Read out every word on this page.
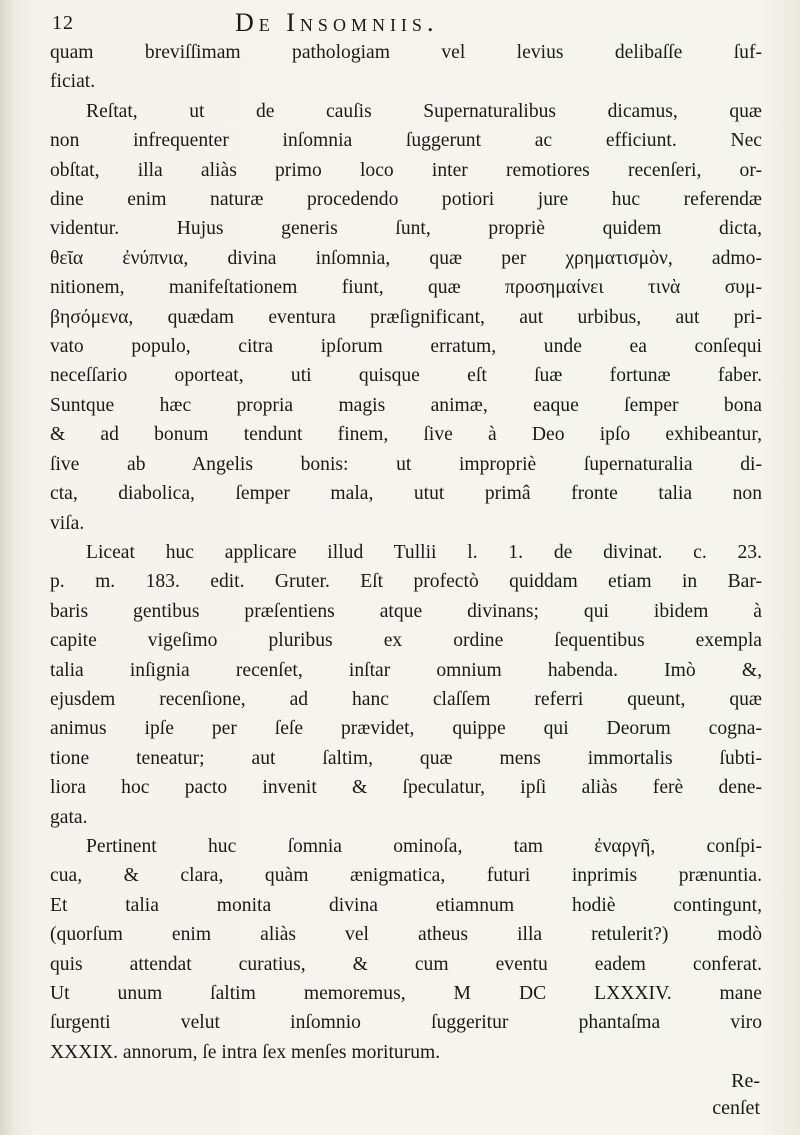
12	De Insomniis.
quam breviſſimam pathologiam vel levius delibaſſe ſuf-
ficiat.
Reſtat, ut de cauſis Supernaturalibus dicamus, quæ
non infrequenter inſomnia ſuggerunt ac efficiunt. Nec
obſtat, illa aliàs primo loco inter remotiores recenſeri, or-
dine enim naturæ procedendo potiori jure huc referendæ
videntur. Hujus generis ſunt, propriè quidem dicta,
θεῖα ἐνύπνια, divina inſomnia, quæ per χρηματισμὸν, admo-
nitionem, manifeſtationem fiunt, quæ προσημαίνει τινὰ συμ-
βησόμενα, quædam eventura præſignificant, aut urbibus, aut pri-
vato populo, citra ipſorum erratum, unde ea conſequi
neceſſario oporteat, uti quisque eſt ſuæ fortunæ faber.
Suntque hæc propria magis animæ, eaque ſemper bona
& ad bonum tendunt finem, ſive à Deo ipſo exhibeantur,
ſive ab Angelis bonis: ut impropriè ſupernaturalia di-
cta, diabolica, ſemper mala, utut primâ fronte talia non
viſa.
Liceat huc applicare illud Tullii l. 1. de divinat. c. 23.
p. m. 183. edit. Gruter. Eſt profectò quiddam etiam in Bar-
baris gentibus præſentiens atque divinans; qui ibidem à
capite vigeſimo pluribus ex ordine ſequentibus exempla
talia inſignia recenſet, inſtar omnium habenda. Imò &,
ejusdem recenſione, ad hanc claſſem referri queunt, quæ
animus ipſe per ſeſe prævidet, quippe qui Deorum cogna-
tione teneatur; aut ſaltim, quæ mens immortalis ſubti-
liora hoc pacto invenit & ſpeculatur, ipſi aliàs ferè dene-
gata.
Pertinent huc ſomnia ominoſa, tam ἐναργῆ, conſpi-
cua, & clara, quàm ænigmatica, futuri inprimis prænuntia.
Et talia monita divina etiamnum hodiè contingunt,
(quorſum enim aliàs vel atheus illa retulerit?) modò
quis attendat curatius, & cum eventu eadem conferat.
Ut unum ſaltim memoremus, M DC LXXXIV. mane
ſurgenti velut inſomnio ſuggeritur phantaſma viro
XXXIX. annorum, ſe intra ſex menſes moriturum.
Re-
cenſet
